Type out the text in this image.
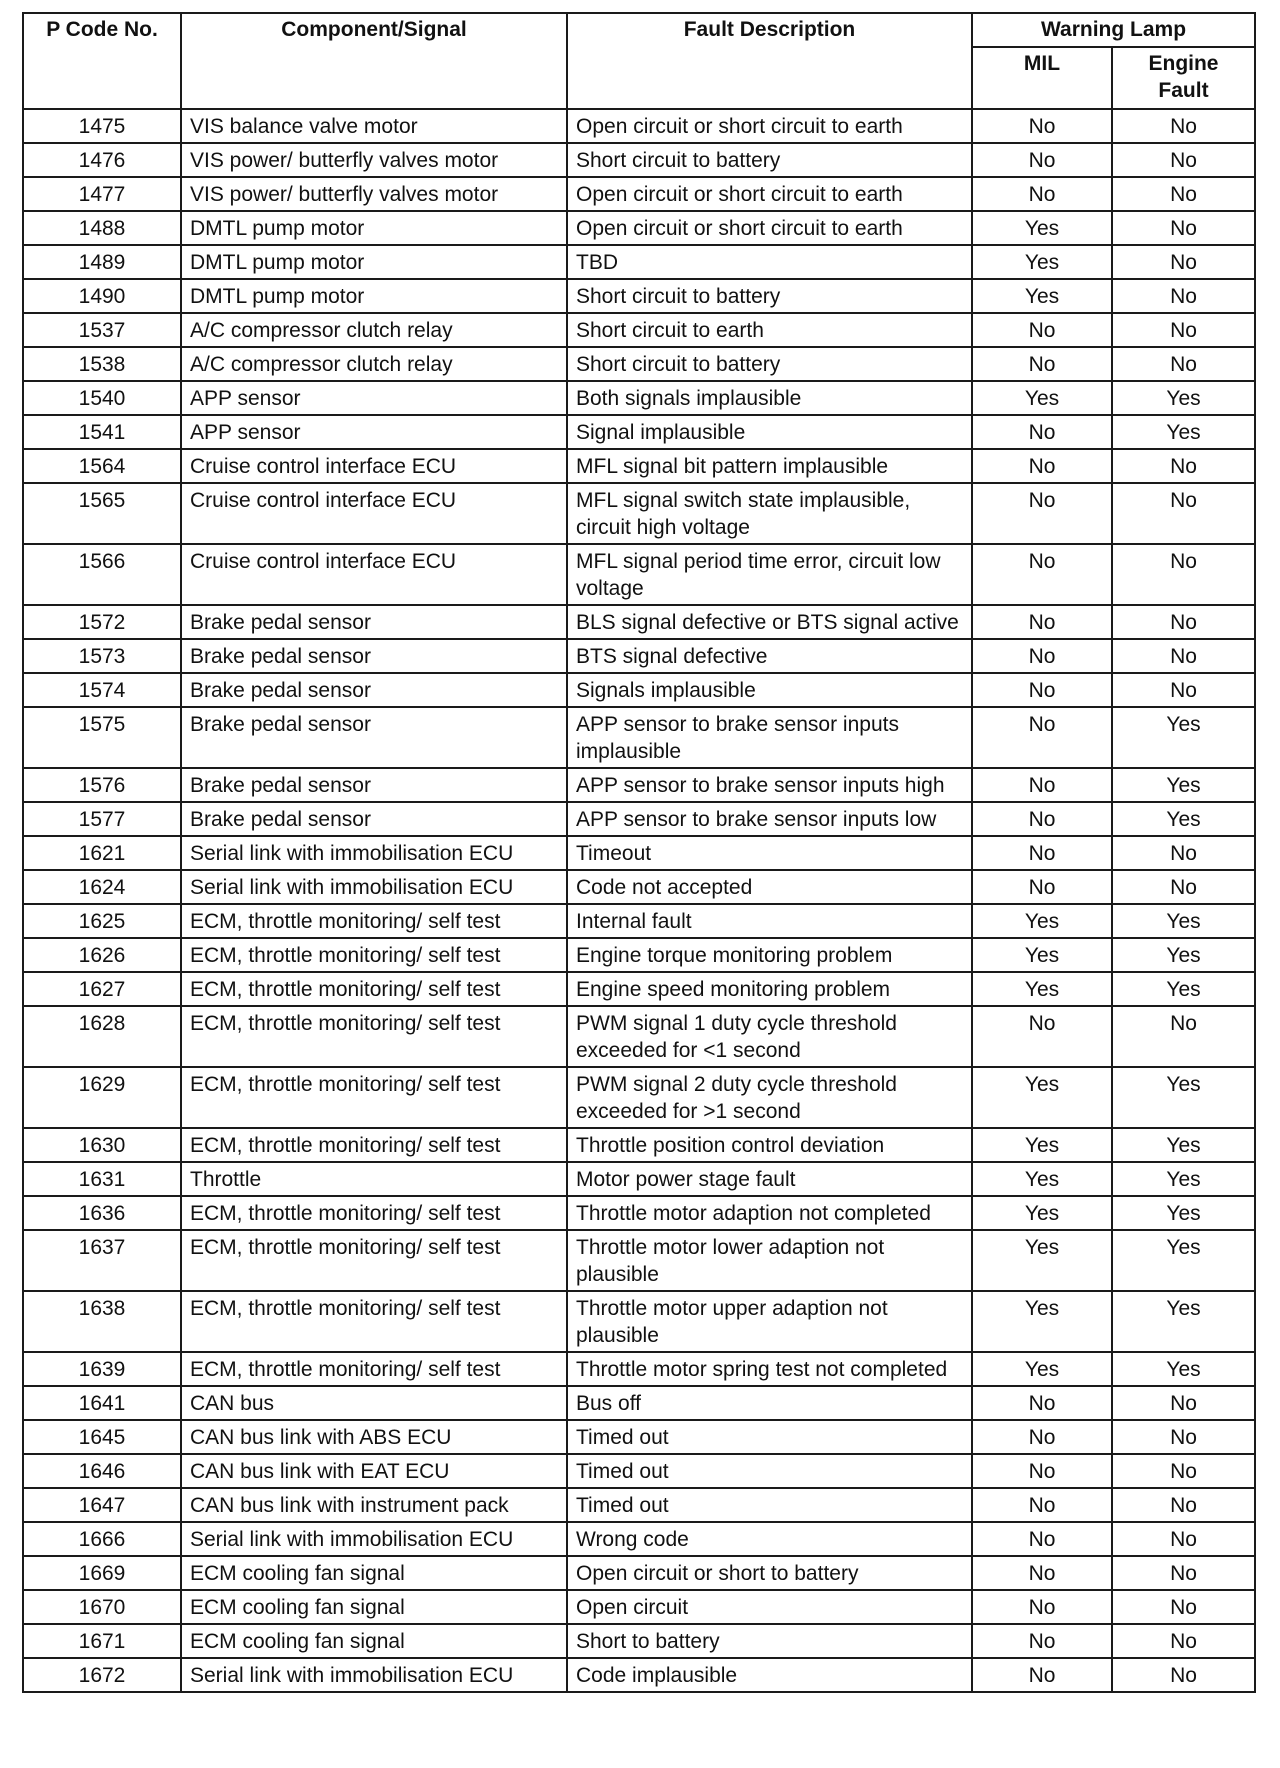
P Code No.	Component/Signal	Fault Description	Warning Lamp	
			MIL	Engine
Fault
1475	VIS balance valve motor	Open circuit or short circuit to earth	No	No
1476	VIS power/ butterfly valves motor	Short circuit to battery	No	No
1477	VIS power/ butterfly valves motor	Open circuit or short circuit to earth	No	No
1488	DMTL pump motor	Open circuit or short circuit to earth	Yes	No
1489	DMTL pump motor	TBD	Yes	No
1490	DMTL pump motor	Short circuit to battery	Yes	No
1537	A/C compressor clutch relay	Short circuit to earth	No	No
1538	A/C compressor clutch relay	Short circuit to battery	No	No
1540	APP sensor	Both signals implausible	Yes	Yes
1541	APP sensor	Signal implausible	No	Yes
1564	Cruise control interface ECU	MFL signal bit pattern implausible	No	No
1565	Cruise control interface ECU	MFL signal switch state implausible, circuit high voltage	No	No
1566	Cruise control interface ECU	MFL signal period time error, circuit low voltage	No	No
1572	Brake pedal sensor	BLS signal defective or BTS signal active	No	No
1573	Brake pedal sensor	BTS signal defective	No	No
1574	Brake pedal sensor	Signals implausible	No	No
1575	Brake pedal sensor	APP sensor to brake sensor inputs implausible	No	Yes
1576	Brake pedal sensor	APP sensor to brake sensor inputs high	No	Yes
1577	Brake pedal sensor	APP sensor to brake sensor inputs low	No	Yes
1621	Serial link with immobilisation ECU	Timeout	No	No
1624	Serial link with immobilisation ECU	Code not accepted	No	No
1625	ECM, throttle monitoring/ self test	Internal fault	Yes	Yes
1626	ECM, throttle monitoring/ self test	Engine torque monitoring problem	Yes	Yes
1627	ECM, throttle monitoring/ self test	Engine speed monitoring problem	Yes	Yes
1628	ECM, throttle monitoring/ self test	PWM signal 1 duty cycle threshold exceeded for <1 second	No	No
1629	ECM, throttle monitoring/ self test	PWM signal 2 duty cycle threshold exceeded for >1 second	Yes	Yes
1630	ECM, throttle monitoring/ self test	Throttle position control deviation	Yes	Yes
1631	Throttle	Motor power stage fault	Yes	Yes
1636	ECM, throttle monitoring/ self test	Throttle motor adaption not completed	Yes	Yes
1637	ECM, throttle monitoring/ self test	Throttle motor lower adaption not plausible	Yes	Yes
1638	ECM, throttle monitoring/ self test	Throttle motor upper adaption not plausible	Yes	Yes
1639	ECM, throttle monitoring/ self test	Throttle motor spring test not completed	Yes	Yes
1641	CAN bus	Bus off	No	No
1645	CAN bus link with ABS ECU	Timed out	No	No
1646	CAN bus link with EAT ECU	Timed out	No	No
1647	CAN bus link with instrument pack	Timed out	No	No
1666	Serial link with immobilisation ECU	Wrong code	No	No
1669	ECM cooling fan signal	Open circuit or short to battery	No	No
1670	ECM cooling fan signal	Open circuit	No	No
1671	ECM cooling fan signal	Short to battery	No	No
1672	Serial link with immobilisation ECU	Code implausible	No	No
